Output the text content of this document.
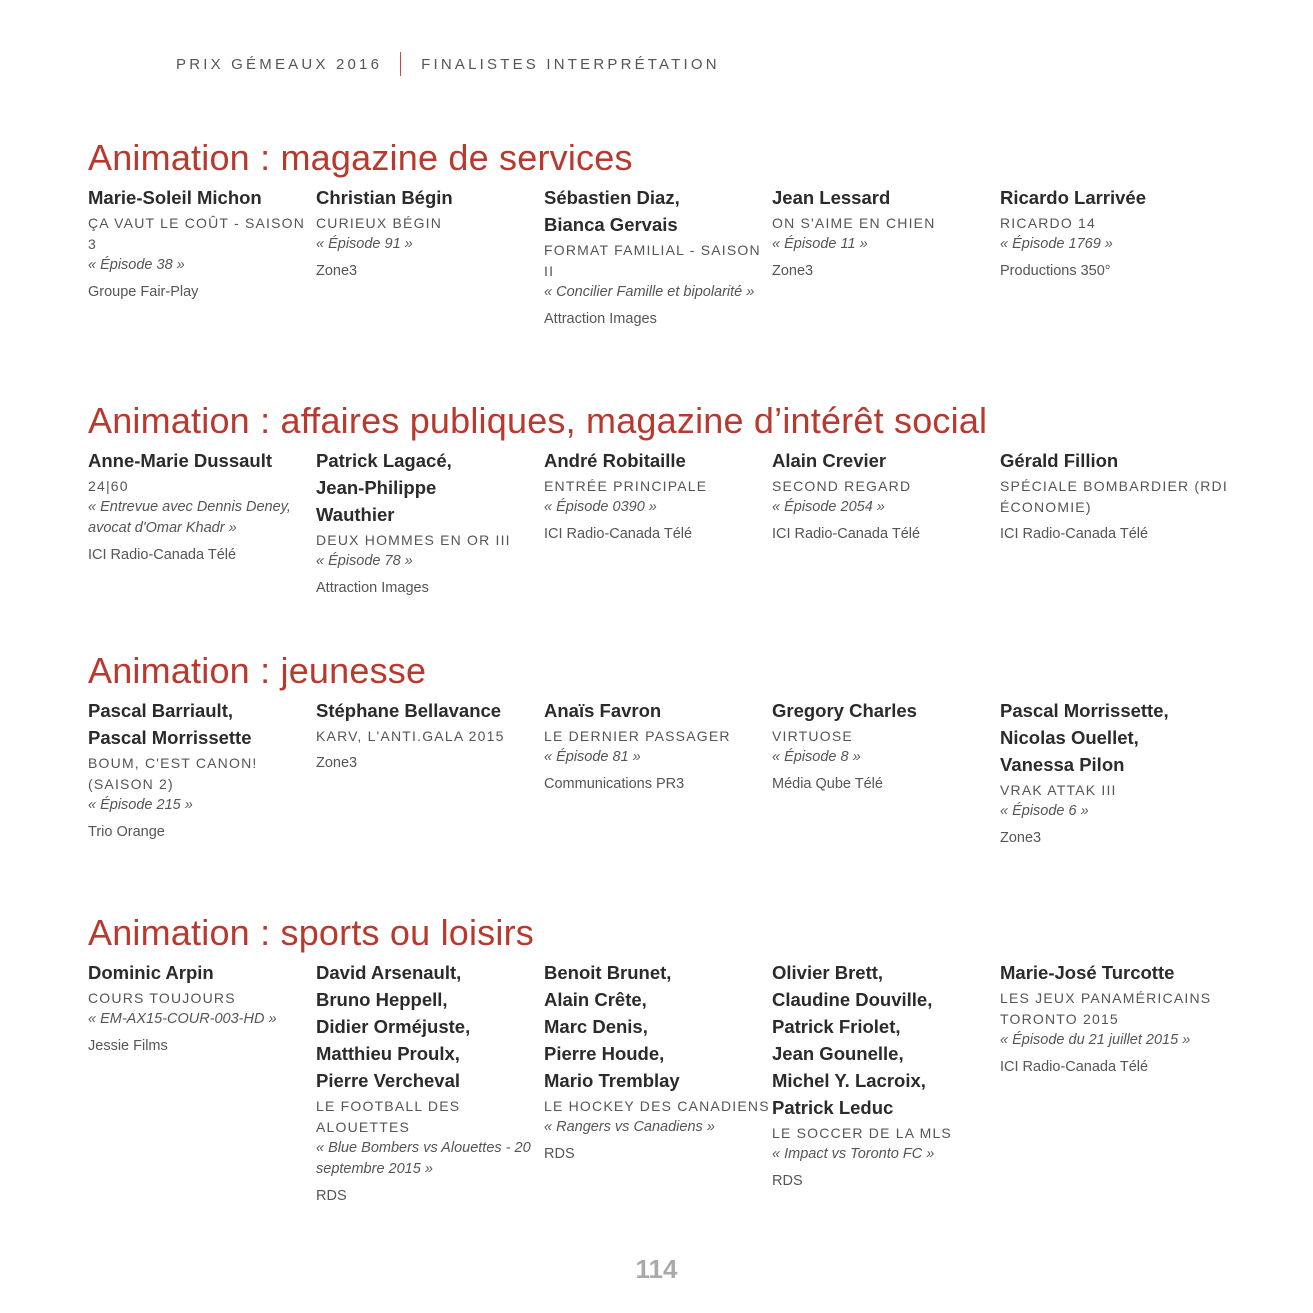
PRIX GÉMEAUX 2016	FINALISTES INTERPRÉTATION
Animation : magazine de services
Marie-Soleil Michon
ÇA VAUT LE COÛT - SAISON 3
« Épisode 38 »
Groupe Fair-Play
Christian Bégin
CURIEUX BÉGIN
« Épisode 91 »
Zone3
Sébastien Diaz,
Bianca Gervais
FORMAT FAMILIAL - SAISON II
« Concilier Famille et bipolarité »
Attraction Images
Jean Lessard
ON S'AIME EN CHIEN
« Épisode 11 »
Zone3
Ricardo Larrivée
RICARDO 14
« Épisode 1769 »
Productions 350°
Animation : affaires publiques, magazine d’intérêt social
Anne-Marie Dussault
24|60
« Entrevue avec Dennis Deney, avocat d'Omar Khadr »
ICI Radio-Canada Télé
Patrick Lagacé,
Jean-Philippe
Wauthier
DEUX HOMMES EN OR III
« Épisode 78 »
Attraction Images
André Robitaille
ENTRÉE PRINCIPALE
« Épisode 0390 »
ICI Radio-Canada Télé
Alain Crevier
SECOND REGARD
« Épisode 2054 »
ICI Radio-Canada Télé
Gérald Fillion
SPÉCIALE BOMBARDIER (RDI ÉCONOMIE)
ICI Radio-Canada Télé
Animation : jeunesse
Pascal Barriault,
Pascal Morrissette
BOUM, C'EST CANON! (SAISON 2)
« Épisode 215 »
Trio Orange
Stéphane Bellavance
KARV, L'ANTI.GALA 2015
Zone3
Anaïs Favron
LE DERNIER PASSAGER
« Épisode 81 »
Communications PR3
Gregory Charles
VIRTUOSE
« Épisode 8 »
Média Qube Télé
Pascal Morrissette,
Nicolas Ouellet,
Vanessa Pilon
VRAK ATTAK III
« Épisode 6 »
Zone3
Animation : sports ou loisirs
Dominic Arpin
COURS TOUJOURS
« EM-AX15-COUR-003-HD »
Jessie Films
David Arsenault,
Bruno Heppell,
Didier Orméjuste,
Matthieu Proulx,
Pierre Vercheval
LE FOOTBALL DES ALOUETTES
« Blue Bombers vs Alouettes - 20 septembre 2015 »
RDS
Benoit Brunet,
Alain Crête,
Marc Denis,
Pierre Houde,
Mario Tremblay
LE HOCKEY DES CANADIENS
« Rangers vs Canadiens »
RDS
Olivier Brett,
Claudine Douville,
Patrick Friolet,
Jean Gounelle,
Michel Y. Lacroix,
Patrick Leduc
LE SOCCER DE LA MLS
« Impact vs Toronto FC »
RDS
Marie-José Turcotte
LES JEUX PANAMÉRICAINS TORONTO 2015
« Épisode du 21 juillet 2015 »
ICI Radio-Canada Télé
114
